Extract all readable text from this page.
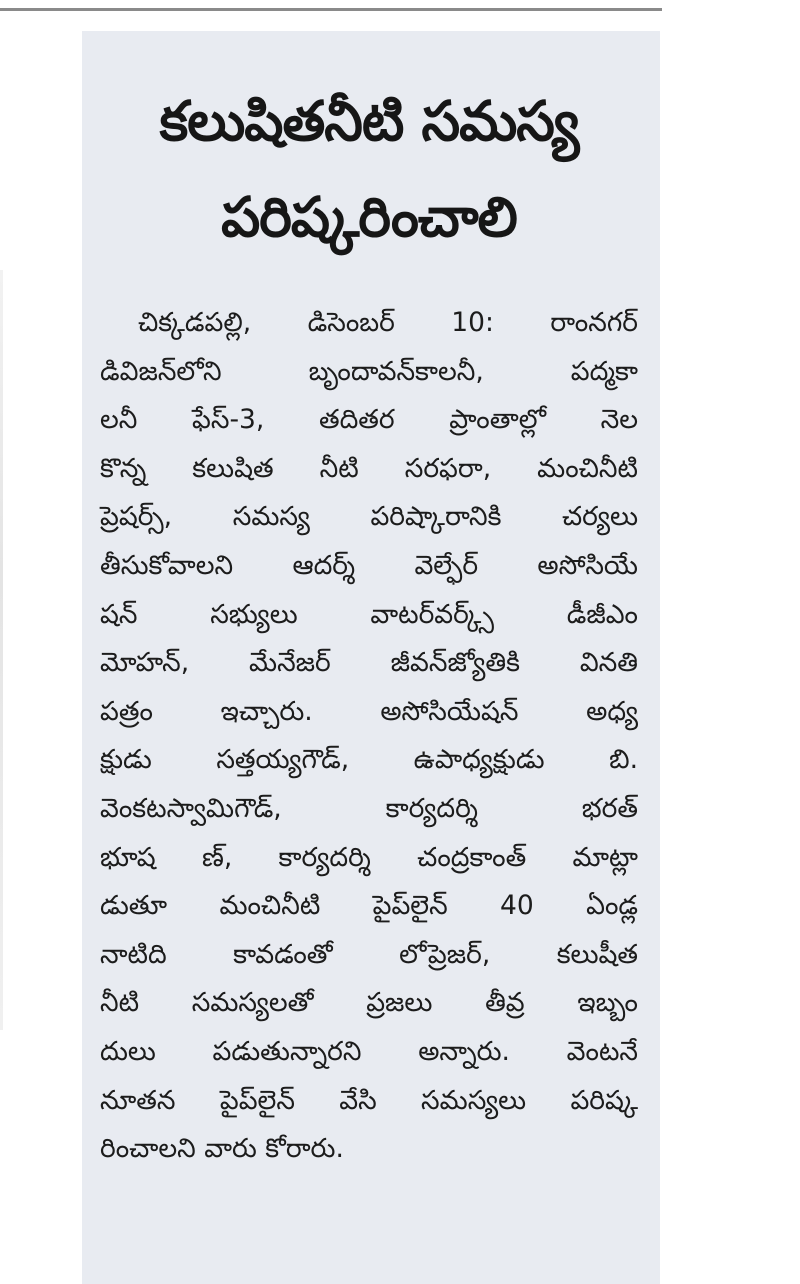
కలుషితనీటి సమస్య
పరిష్కరించాలి
చిక్కడపల్లి, డిసెంబర్ 10: రాంనగర్
డివిజన్‌లోని బృందావన్‌కాలనీ, పద్మకా
లనీ ఫేస్-3, తదితర ప్రాంతాల్లో నెల
కొన్న కలుషిత నీటి సరఫరా, మంచినీటి
ప్రెషర్స్, సమస్య పరిష్కారానికి చర్యలు
తీసుకోవాలని ఆదర్శ్ వెల్ఫేర్ అసోసియే
షన్ సభ్యులు వాటర్‌వర్క్స్ డీజీఎం
మోహన్, మేనేజర్ జీవన్‌జ్యోతికి వినతి
పత్రం ఇచ్చారు. అసోసియేషన్ అధ్య
క్షుడు సత్తయ్యగౌడ్, ఉపాధ్యక్షుడు బి.
వెంకటస్వామిగౌడ్, కార్యదర్శి భరత్
భూష ణ్, కార్యదర్శి చంద్రకాంత్ మాట్లా
డుతూ మంచినీటి పైప్‌లైన్ 40 ఏండ్ల
నాటిది కావడంతో లోప్రెజర్, కలుషీత
నీటి సమస్యలతో ప్రజలు తీవ్ర ఇబ్బం
దులు పడుతున్నారని అన్నారు. వెంటనే
నూతన పైప్‌లైన్ వేసి సమస్యలు పరిష్క
రించాలని వారు కోరారు.
